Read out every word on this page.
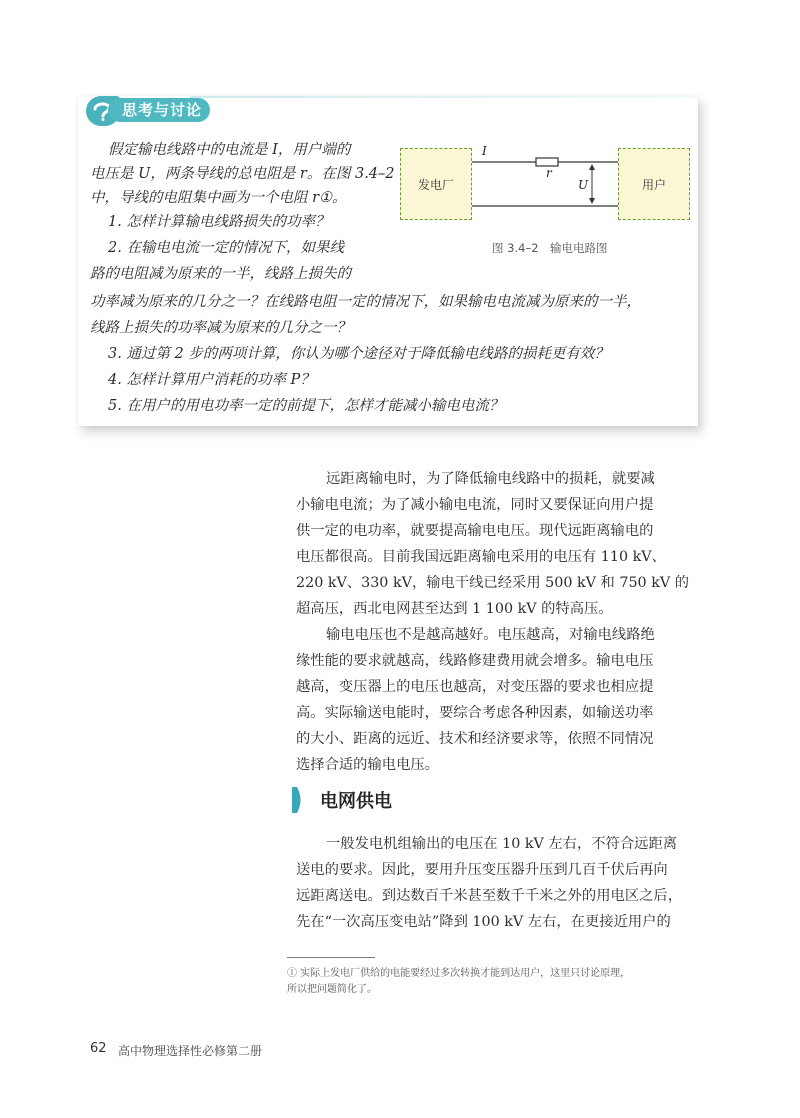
思考与讨论
假定输电线路中的电流是 I，用户端的
电压是 U，两条导线的总电阻是 r。在图 3.4–2
中，导线的电阻集中画为一个电阻 r①。
1. 怎样计算输电线路损失的功率？
2. 在输电电流一定的情况下，如果线
路的电阻减为原来的一半，线路上损失的
功率减为原来的几分之一？在线路电阻一定的情况下，如果输电电流减为原来的一半，
线路上损失的功率减为原来的几分之一？
3. 通过第 2 步的两项计算，你认为哪个途径对于降低输电线路的损耗更有效？
4. 怎样计算用户消耗的功率 P？
5. 在用户的用电功率一定的前提下，怎样才能减小输电电流？
发电厂	用户
I
r
U
图 3.4–2　输电电路图
远距离输电时，为了降低输电线路中的损耗，就要减
小输电电流；为了减小输电电流，同时又要保证向用户提
供一定的电功率，就要提高输电电压。现代远距离输电的
电压都很高。目前我国远距离输电采用的电压有 110 kV、
220 kV、330 kV，输电干线已经采用 500 kV 和 750 kV 的
超高压，西北电网甚至达到 1 100 kV 的特高压。
输电电压也不是越高越好。电压越高，对输电线路绝
缘性能的要求就越高，线路修建费用就会增多。输电电压
越高，变压器上的电压也越高，对变压器的要求也相应提
高。实际输送电能时，要综合考虑各种因素，如输送功率
的大小、距离的远近、技术和经济要求等，依照不同情况
选择合适的输电电压。
电网供电
一般发电机组输出的电压在 10 kV 左右，不符合远距离
送电的要求。因此，要用升压变压器升压到几百千伏后再向
远距离送电。到达数百千米甚至数千千米之外的用电区之后，
先在“一次高压变电站”降到 100 kV 左右，在更接近用户的
① 实际上发电厂供给的电能要经过多次转换才能到达用户，这里只讨论原理，
所以把问题简化了。
62 高中物理选择性必修第二册
